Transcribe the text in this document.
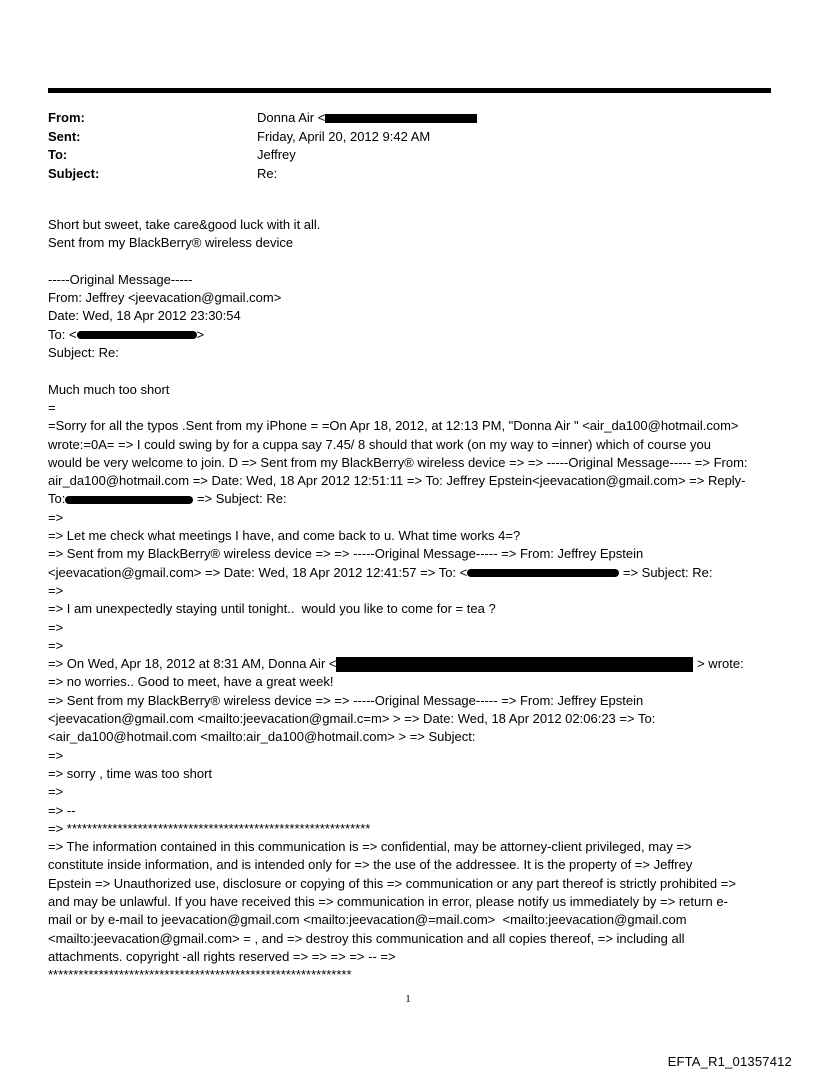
From:	Donna Air <
Sent:	Friday, April 20, 2012 9:42 AM
To:	Jeffrey
Subject:	Re:

Short but sweet, take care&good luck with it all.

Sent from my BlackBerry® wireless device

-----Original Message-----

From: Jeffrey <jeevacation@gmail.com>

Date: Wed, 18 Apr 2012 23:30:54

To: <	>

Subject: Re:

Much much too short

=

=Sorry for all the typos .Sent from my iPhone = =On Apr 18, 2012, at 12:13 PM, "Donna Air " <air_da100@hotmail.com>

wrote:=0A= => I could swing by for a cuppa say 7.45/ 8 should that work (on my way to =inner) which of course you

would be very welcome to join. D => Sent from my BlackBerry® wireless device => => -----Original Message----- => From:

air_da100@hotmail.com => Date: Wed, 18 Apr 2012 12:51:11 => To: Jeffrey Epstein<jeevacation@gmail.com> => Reply-

To:	=> Subject: Re:

=>

=> Let me check what meetings I have, and come back to u. What time works 4=?

=> Sent from my BlackBerry® wireless device => => -----Original Message----- => From: Jeffrey Epstein

<jeevacation@gmail.com> => Date: Wed, 18 Apr 2012 12:41:57 => To: <	=> Subject: Re:

=>

=> I am unexpectedly staying until tonight..  would you like to come for = tea ?

=>

=>

=> On Wed, Apr 18, 2012 at 8:31 AM, Donna Air <	> wrote:

=> no worries.. Good to meet, have a great week!

=> Sent from my BlackBerry® wireless device => => -----Original Message----- => From: Jeffrey Epstein

<jeevacation@gmail.com <mailto:jeevacation@gmail.c=m> > => Date: Wed, 18 Apr 2012 02:06:23 => To:

<air_da100@hotmail.com <mailto:air_da100@hotmail.com> > => Subject:

=>

=> sorry , time was too short

=>

=> --

=> ************************************************************

=> The information contained in this communication is => confidential, may be attorney-client privileged, may =>

constitute inside information, and is intended only for => the use of the addressee. It is the property of => Jeffrey

Epstein => Unauthorized use, disclosure or copying of this => communication or any part thereof is strictly prohibited =>

and may be unlawful. If you have received this => communication in error, please notify us immediately by => return e-

mail or by e-mail to jeevacation@gmail.com <mailto:jeevacation@=mail.com>  <mailto:jeevacation@gmail.com

<mailto:jeevacation@gmail.com> = , and => destroy this communication and all copies thereof, => including all

attachments. copyright -all rights reserved => => => => -- =>

************************************************************

1
EFTA_R1_01357412
